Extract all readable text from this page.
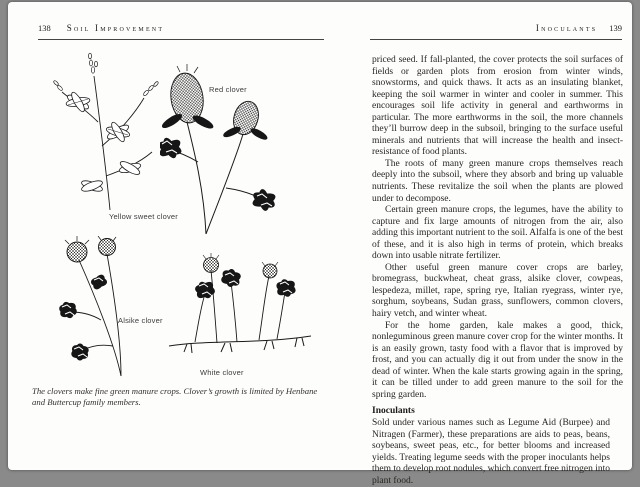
138 Soil Improvement	Inoculants 139
Red clover
Yellow sweet clover
Alsike clover
White clover
The clovers make fine green manure crops. Clover’s growth is limited by Henbane and Buttercup family members.

priced seed. If fall-planted, the cover protects the soil surfaces of fields or garden plots from erosion from winter winds, snowstorms, and quick thaws. It acts as an insulating blanket, keeping the soil warmer in winter and cooler in summer. This encourages soil life activity in general and earthworms in particular. The more earthworms in the soil, the more channels they’ll burrow deep in the subsoil, bringing to the surface useful minerals and nutrients that will increase the health and insect-resistance of food plants.

The roots of many green manure crops themselves reach deeply into the subsoil, where they absorb and bring up valuable nutrients. These revitalize the soil when the plants are plowed under to decompose.

Certain green manure crops, the legumes, have the ability to capture and fix large amounts of nitrogen from the air, also adding this important nutrient to the soil. Alfalfa is one of the best of these, and it is also high in terms of protein, which breaks down into usable nitrate fertilizer.

Other useful green manure cover crops are barley, bromegrass, buckwheat, cheat grass, alsike clover, cowpeas, lespedeza, millet, rape, spring rye, Italian ryegrass, winter rye, sorghum, soybeans, Sudan grass, sunflowers, common clovers, hairy vetch, and winter wheat.

For the home garden, kale makes a good, thick, nonleguminous green manure cover crop for the winter months. It is an easily grown, tasty food with a flavor that is improved by frost, and you can actually dig it out from under the snow in the dead of winter. When the kale starts growing again in the spring, it can be tilled under to add green manure to the soil for the spring garden.

Inoculants

Sold under various names such as Legume Aid (Burpee) and Nitragen (Farmer), these preparations are aids to peas, beans, soybeans, sweet peas, etc., for better blooms and increased yields. Treating legume seeds with the proper inoculants helps them to develop root nodules, which convert free nitrogen into plant food.
